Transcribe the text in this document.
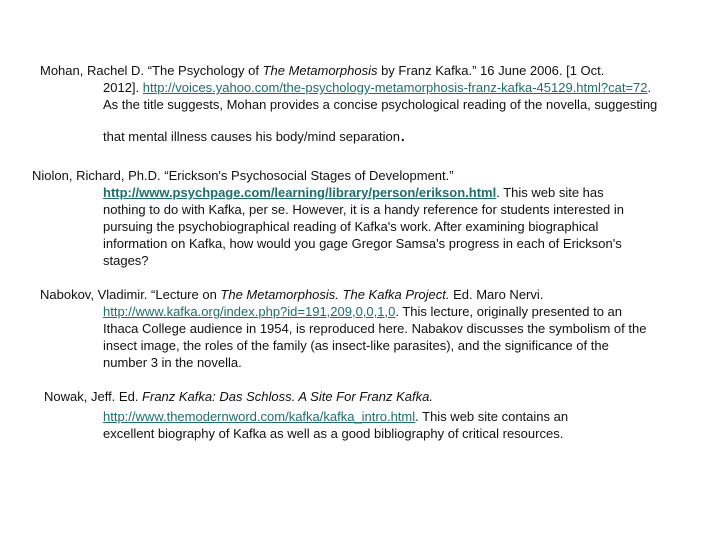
Mohan, Rachel D. “The Psychology of The Metamorphosis by Franz Kafka.” 16 June 2006. [1 Oct.
2012]. http://voices.yahoo.com/the-psychology-metamorphosis-franz-kafka-45129.html?cat=72.
As the title suggests, Mohan provides a concise psychological reading of the novella, suggesting
that mental illness causes his body/mind separation.
Niolon, Richard, Ph.D. “Erickson's Psychosocial Stages of Development.”
http://www.psychpage.com/learning/library/person/erikson.html. This web site has
nothing to do with Kafka, per se. However, it is a handy reference for students interested in
pursuing the psychobiographical reading of Kafka's work. After examining biographical
information on Kafka, how would you gage Gregor Samsa's progress in each of Erickson's
stages?
Nabokov, Vladimir. “Lecture on The Metamorphosis. The Kafka Project. Ed. Maro Nervi.
http://www.kafka.org/index.php?id=191,209,0,0,1,0. This lecture, originally presented to an
Ithaca College audience in 1954, is reproduced here. Nabakov discusses the symbolism of the
insect image, the roles of the family (as insect-like parasites), and the significance of the
number 3 in the novella.
Nowak, Jeff. Ed. Franz Kafka: Das Schloss. A Site For Franz Kafka.
http://www.themodernword.com/kafka/kafka_intro.html. This web site contains an
excellent biography of Kafka as well as a good bibliography of critical resources.
